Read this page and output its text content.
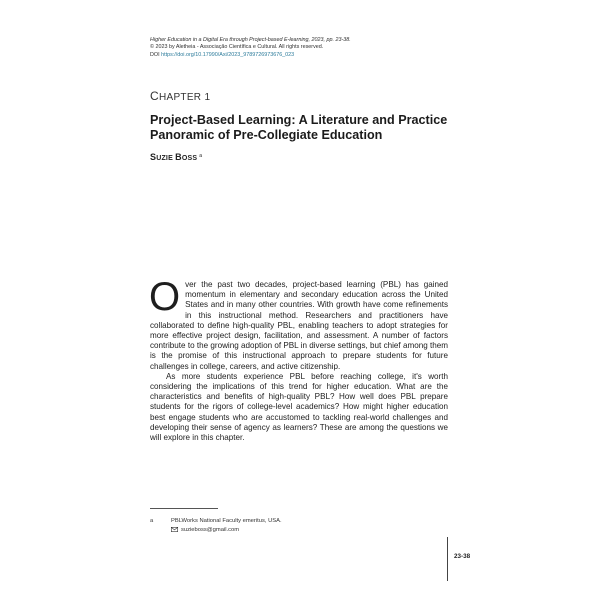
Higher Education in a Digital Era through Project-based E-learning, 2023, pp. 23-38.
© 2023 by Aletheia - Associação Científica e Cultural. All rights reserved.
DOI https://doi.org/10.17990/Axi/2023_9789726973676_023
CHAPTER 1
Project-Based Learning: A Literature and Practice Panoramic of Pre-Collegiate Education
SUZIE BOSS $^a$

Over the past two decades, project-based learning (PBL) has gained momentum in elementary and secondary education across the United States and in many other countries. With growth have come refinements in this instructional method. Researchers and practitioners have collaborated to define high-quality PBL, enabling teachers to adopt strategies for more effective project design, facilitation, and assessment. A number of factors contribute to the growing adoption of PBL in diverse settings, but chief among them is the promise of this instructional approach to prepare students for future challenges in college, careers, and active citizenship.

As more students experience PBL before reaching college, it's worth considering the implications of this trend for higher education. What are the characteristics and benefits of high-quality PBL? How well does PBL prepare students for the rigors of college-level academics? How might higher education best engage students who are accustomed to tackling real-world challenges and developing their sense of agency as learners? These are among the questions we will explore in this chapter.

a	PBLWorks National Faculty emeritus, USA.
suzieboss@gmail.com
23-38
